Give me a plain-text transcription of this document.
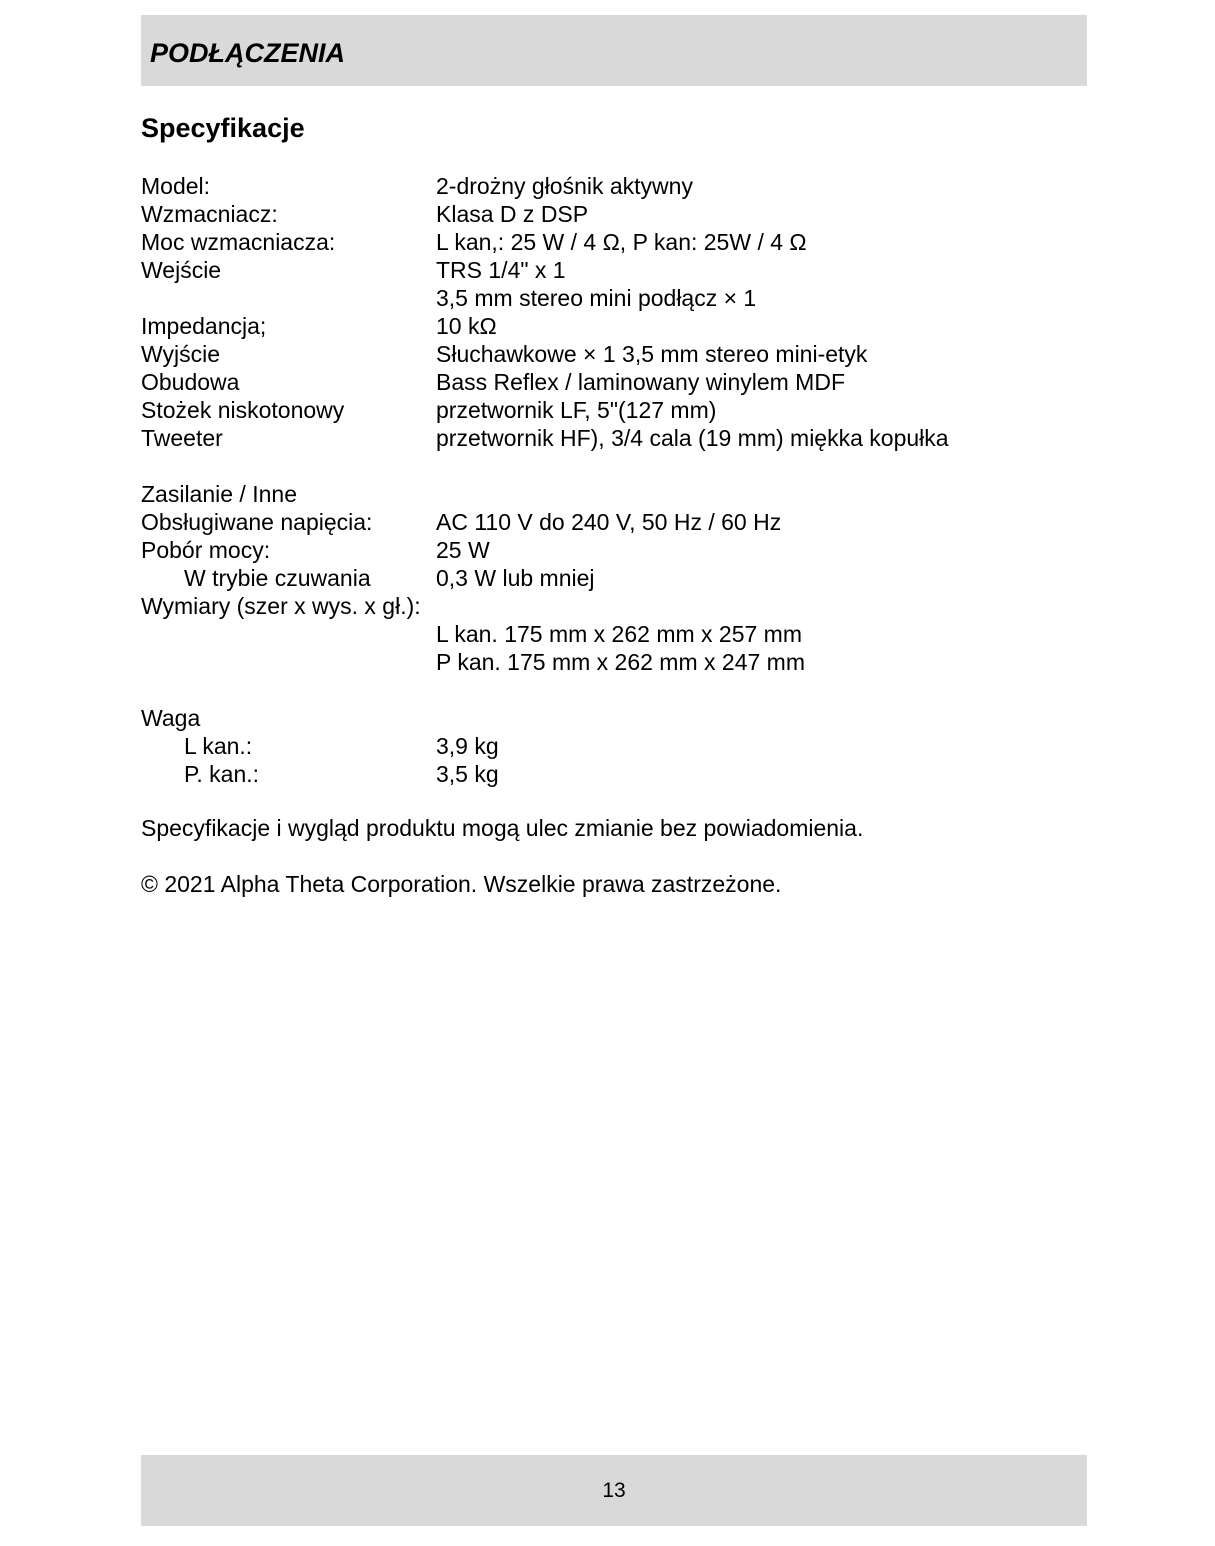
PODŁĄCZENIA
Specyfikacje
Model:	2-drożny głośnik aktywny
Wzmacniacz:	Klasa D z DSP
Moc wzmacniacza:	L kan,: 25 W / 4 Ω, P kan: 25W / 4 Ω
Wejście	TRS 1/4" x 1
3,5 mm stereo mini podłącz × 1
Impedancja;	10 kΩ
Wyjście	Słuchawkowe × 1 3,5 mm stereo mini-etyk
Obudowa	Bass Reflex / laminowany winylem MDF
Stożek niskotonowy	przetwornik LF, 5"(127 mm)
Tweeter	przetwornik HF), 3/4 cala (19 mm) miękka kopułka
Zasilanie / Inne
Obsługiwane napięcia:	AC 110 V do 240 V, 50 Hz / 60 Hz
Pobór mocy:	25 W
W trybie czuwania	0,3 W lub mniej
Wymiary (szer x wys. x gł.):
L kan. 175 mm x 262 mm x 257 mm
P kan. 175 mm x 262 mm x 247 mm
Waga
L kan.:	3,9 kg
P. kan.:	3,5 kg
Specyfikacje i wygląd produktu mogą ulec zmianie bez powiadomienia.
© 2021 Alpha Theta Corporation. Wszelkie prawa zastrzeżone.
13
